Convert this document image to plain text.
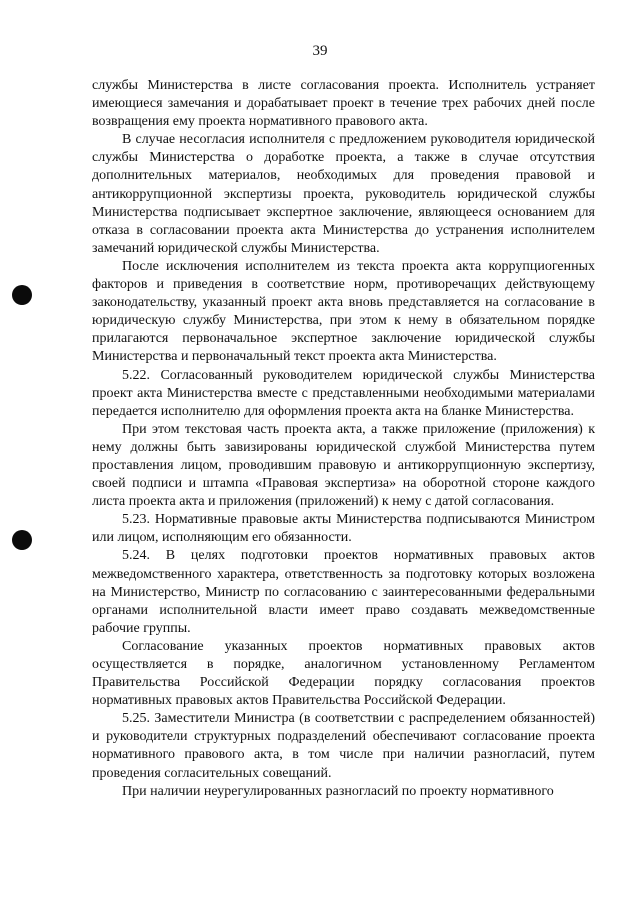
39

службы Министерства в листе согласования проекта. Исполнитель устраняет имеющиеся замечания и дорабатывает проект в течение трех рабочих дней после возвращения ему проекта нормативного правового акта.

В случае несогласия исполнителя с предложением руководителя юридической службы Министерства о доработке проекта, а также в случае отсутствия дополнительных материалов, необходимых для проведения правовой и антикоррупционной экспертизы проекта, руководитель юридической службы Министерства подписывает экспертное заключение, являющееся основанием для отказа в согласовании проекта акта Министерства до устранения исполнителем замечаний юридической службы Министерства.

После исключения исполнителем из текста проекта акта коррупциогенных факторов и приведения в соответствие норм, противоречащих действующему законодательству, указанный проект акта вновь представляется на согласование в юридическую службу Министерства, при этом к нему в обязательном порядке прилагаются первоначальное экспертное заключение юридической службы Министерства и первоначальный текст проекта акта Министерства.

5.22. Согласованный руководителем юридической службы Министерства проект акта Министерства вместе с представленными необходимыми материалами передается исполнителю для оформления проекта акта на бланке Министерства.

При этом текстовая часть проекта акта, а также приложение (приложения) к нему должны быть завизированы юридической службой Министерства путем проставления лицом, проводившим правовую и антикоррупционную экспертизу, своей подписи и штампа «Правовая экспертиза» на оборотной стороне каждого листа проекта акта и приложения (приложений) к нему с датой согласования.

5.23. Нормативные правовые акты Министерства подписываются Министром или лицом, исполняющим его обязанности.

5.24. В целях подготовки проектов нормативных правовых актов межведомственного характера, ответственность за подготовку которых возложена на Министерство, Министр по согласованию с заинтересованными федеральными органами исполнительной власти имеет право создавать межведомственные рабочие группы.

Согласование указанных проектов нормативных правовых актов осуществляется в порядке, аналогичном установленному Регламентом Правительства Российской Федерации порядку согласования проектов нормативных правовых актов Правительства Российской Федерации.

5.25. Заместители Министра (в соответствии с распределением обязанностей) и руководители структурных подразделений обеспечивают согласование проекта нормативного правового акта, в том числе при наличии разногласий, путем проведения согласительных совещаний.

При наличии неурегулированных разногласий по проекту нормативного
